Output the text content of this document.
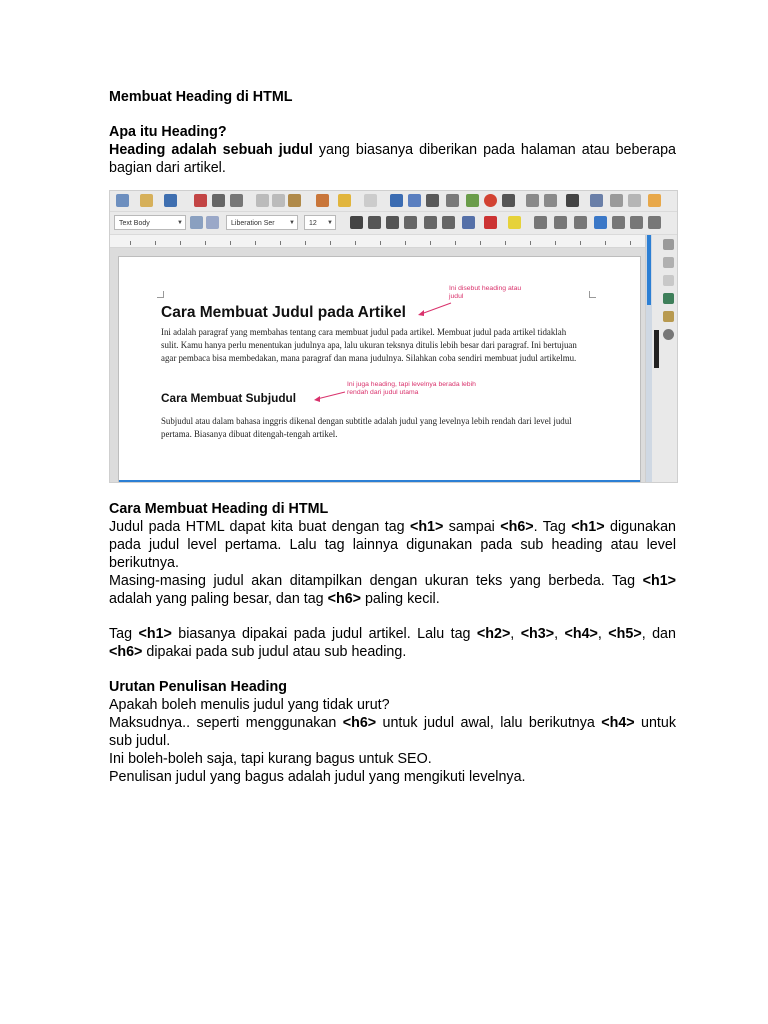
Membuat Heading di HTML
Apa itu Heading?
Heading adalah sebuah judul yang biasanya diberikan pada halaman atau beberapa bagian dari artikel.
Text Body	▼	Liberation Ser ▼	12 ▼
Cara Membuat Judul pada Artikel
Ini disebut heading atau judul
Ini adalah paragraf yang membahas tentang cara membuat judul pada artikel. Membuat judul pada artikel tidaklah sulit. Kamu hanya perlu menentukan judulnya apa, lalu ukuran teksnya ditulis lebih besar dari paragraf. Ini bertujuan agar pembaca bisa membedakan, mana paragraf dan mana judulnya. Silahkan coba sendiri membuat judul artikelmu.
Cara Membuat Subjudul
Ini juga heading, tapi levelnya berada lebih rendah dari judul utama
Subjudul atau dalam bahasa inggris dikenal dengan subtitle adalah judul yang levelnya lebih rendah dari level judul pertama. Biasanya dibuat ditengah-tengah artikel.
Cara Membuat Heading di HTML
Judul pada HTML dapat kita buat dengan tag <h1> sampai <h6>. Tag <h1> digunakan pada judul level pertama. Lalu tag lainnya digunakan pada sub heading atau level berikutnya.
Masing-masing judul akan ditampilkan dengan ukuran teks yang berbeda. Tag <h1> adalah yang paling besar, dan tag <h6> paling kecil.
Tag <h1> biasanya dipakai pada judul artikel. Lalu tag <h2>, <h3>, <h4>, <h5>, dan <h6> dipakai pada sub judul atau sub heading.
Urutan Penulisan Heading
Apakah boleh menulis judul yang tidak urut?
Maksudnya.. seperti menggunakan <h6> untuk judul awal, lalu berikutnya <h4> untuk sub judul.
Ini boleh-boleh saja, tapi kurang bagus untuk SEO.
Penulisan judul yang bagus adalah judul yang mengikuti levelnya.
